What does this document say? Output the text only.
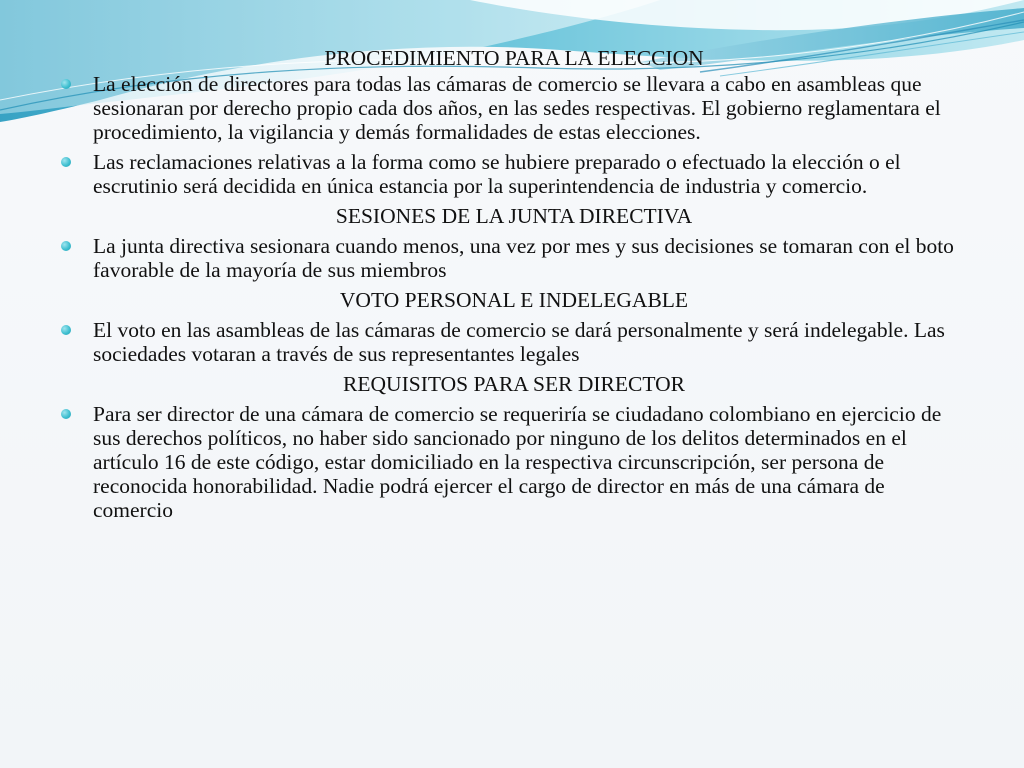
PROCEDIMIENTO PARA LA ELECCION
La elección de directores para todas las cámaras de comercio se llevara a cabo en asambleas que sesionaran por derecho propio cada dos años, en las sedes respectivas. El gobierno reglamentara el procedimiento, la vigilancia y demás formalidades de estas elecciones.
Las reclamaciones relativas a la forma como se hubiere preparado o efectuado la elección o el escrutinio será decidida en única estancia por la superintendencia de industria y comercio.
SESIONES DE LA JUNTA DIRECTIVA
La junta directiva sesionara cuando menos, una vez por mes y sus decisiones se tomaran con el boto favorable de la mayoría de sus miembros
VOTO PERSONAL E INDELEGABLE
El voto en las asambleas de las cámaras de comercio se dará personalmente y será indelegable. Las sociedades votaran a través de sus representantes legales
REQUISITOS PARA SER DIRECTOR
Para ser director de una cámara de comercio se requeriría se ciudadano colombiano en ejercicio de sus derechos políticos, no haber sido sancionado por ninguno de los delitos determinados en el artículo 16 de este código, estar domiciliado en la respectiva circunscripción, ser persona de reconocida honorabilidad. Nadie podrá ejercer el cargo de director en más de una cámara de comercio
